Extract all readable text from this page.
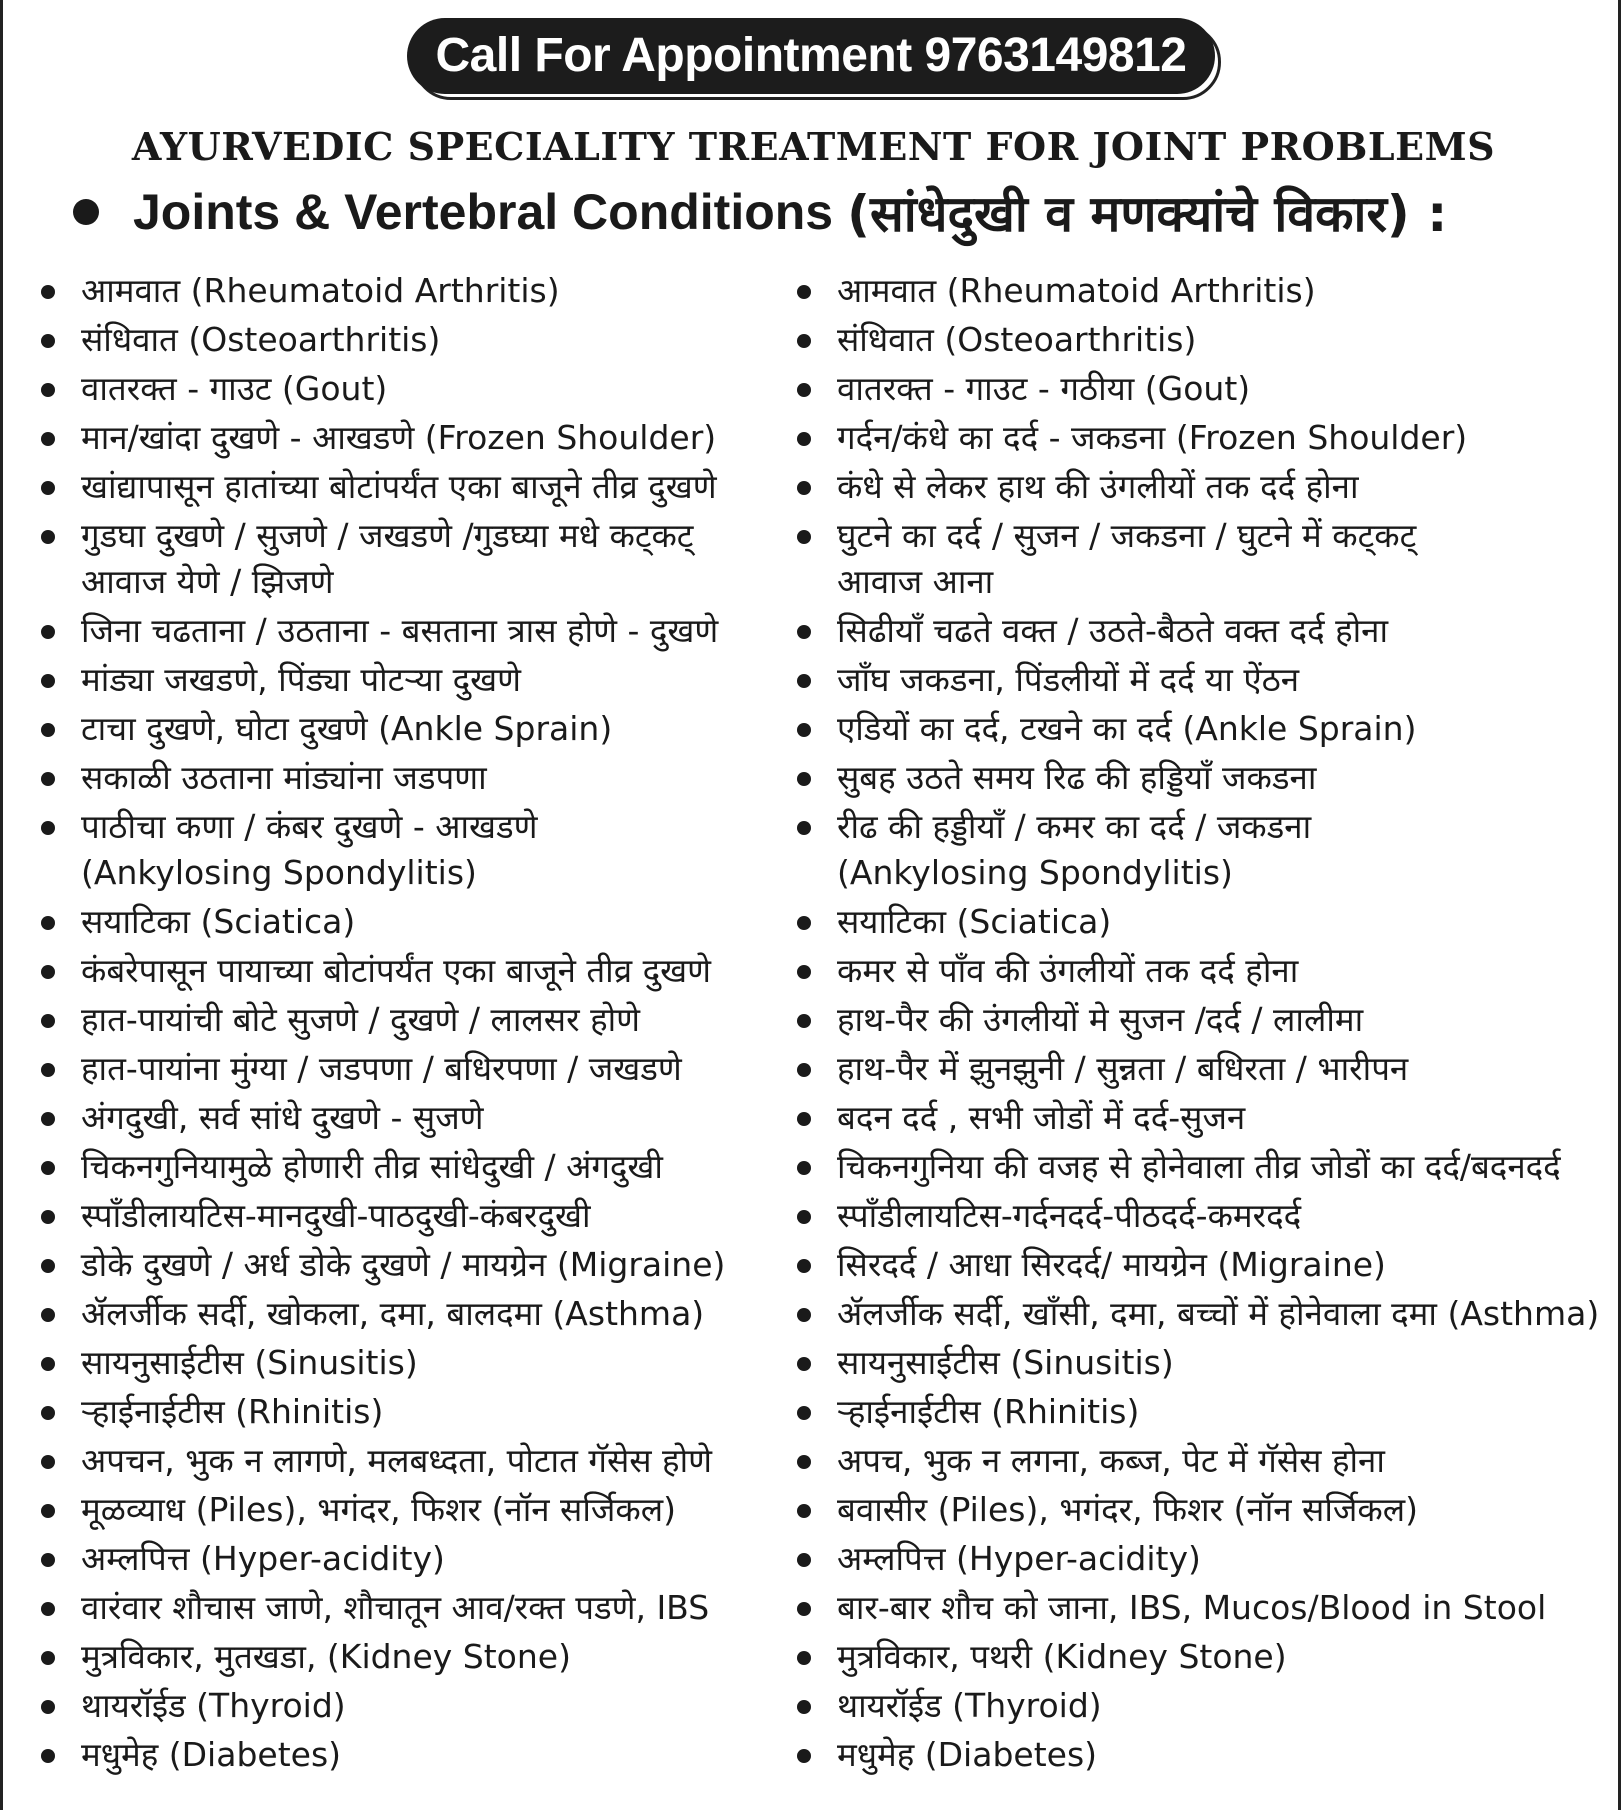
Call For Appointment 9763149812
AYURVEDIC SPECIALITY TREATMENT FOR JOINT PROBLEMS
Joints & Vertebral Conditions (सांधेदुखी व मणक्यांचे विकार) :
आमवात (Rheumatoid Arthritis)
संधिवात (Osteoarthritis)
वातरक्त - गाउट (Gout)
मान/खांदा दुखणे - आखडणे (Frozen Shoulder)
खांद्यापासून हातांच्या बोटांपर्यंत एका बाजूने तीव्र दुखणे
गुडघा दुखणे / सुजणे / जखडणे /गुडघ्या मधे कट्कट्
आवाज येणे / झिजणे
जिना चढताना / उठताना - बसताना त्रास होणे - दुखणे
मांड्या जखडणे, पिंड्या पोटऱ्या दुखणे
टाचा दुखणे, घोटा दुखणे (Ankle Sprain)
सकाळी उठताना मांड्यांना जडपणा
पाठीचा कणा / कंबर दुखणे - आखडणे
(Ankylosing Spondylitis)
सयाटिका (Sciatica)
कंबरेपासून पायाच्या बोटांपर्यंत एका बाजूने तीव्र दुखणे
हात-पायांची बोटे सुजणे / दुखणे / लालसर होणे
हात-पायांना मुंग्या / जडपणा / बधिरपणा / जखडणे
अंगदुखी, सर्व सांधे दुखणे - सुजणे
चिकनगुनियामुळे होणारी तीव्र सांधेदुखी / अंगदुखी
स्पाँडीलायटिस-मानदुखी-पाठदुखी-कंबरदुखी
डोके दुखणे / अर्ध डोके दुखणे / मायग्रेन (Migraine)
ॲलर्जीक सर्दी, खोकला, दमा, बालदमा (Asthma)
सायनुसाईटीस (Sinusitis)
ऱ्हाईनाईटीस (Rhinitis)
अपचन, भुक न लागणे, मलबध्दता, पोटात गॅसेस होणे
मूळव्याध (Piles), भगंदर, फिशर (नॉन सर्जिकल)
अम्लपित्त (Hyper-acidity)
वारंवार शौचास जाणे, शौचातून आव/रक्त पडणे, IBS
मुत्रविकार, मुतखडा, (Kidney Stone)
थायरॉईड (Thyroid)
मधुमेह (Diabetes)
आमवात (Rheumatoid Arthritis)
संधिवात (Osteoarthritis)
वातरक्त - गाउट - गठीया (Gout)
गर्दन/कंधे का दर्द - जकडना (Frozen Shoulder)
कंधे से लेकर हाथ की उंगलीयों तक दर्द होना
घुटने का दर्द / सुजन / जकडना / घुटने में कट्कट्
आवाज आना
सिढीयाँ चढते वक्त / उठते-बैठते वक्त दर्द होना
जाँघ जकडना, पिंडलीयों में दर्द या ऐंठन
एडियों का दर्द, टखने का दर्द (Ankle Sprain)
सुबह उठते समय रिढ की हड्डियाँ जकडना
रीढ की हड्डीयाँ / कमर का दर्द / जकडना
(Ankylosing Spondylitis)
सयाटिका (Sciatica)
कमर से पाँव की उंगलीयों तक दर्द होना
हाथ-पैर की उंगलीयों मे सुजन /दर्द / लालीमा
हाथ-पैर में झुनझुनी / सुन्नता / बधिरता / भारीपन
बदन दर्द , सभी जोडों में दर्द-सुजन
चिकनगुनिया की वजह से होनेवाला तीव्र जोडों का दर्द/बदनदर्द
स्पाँडीलायटिस-गर्दनदर्द-पीठदर्द-कमरदर्द
सिरदर्द / आधा सिरदर्द/ मायग्रेन (Migraine)
ॲलर्जीक सर्दी, खाँसी, दमा, बच्चों में होनेवाला दमा (Asthma)
सायनुसाईटीस (Sinusitis)
ऱ्हाईनाईटीस (Rhinitis)
अपच, भुक न लगना, कब्ज, पेट में गॅसेस होना
बवासीर (Piles), भगंदर, फिशर (नॉन सर्जिकल)
अम्लपित्त (Hyper-acidity)
बार-बार शौच को जाना, IBS, Mucos/Blood in Stool
मुत्रविकार, पथरी (Kidney Stone)
थायरॉईड (Thyroid)
मधुमेह (Diabetes)
